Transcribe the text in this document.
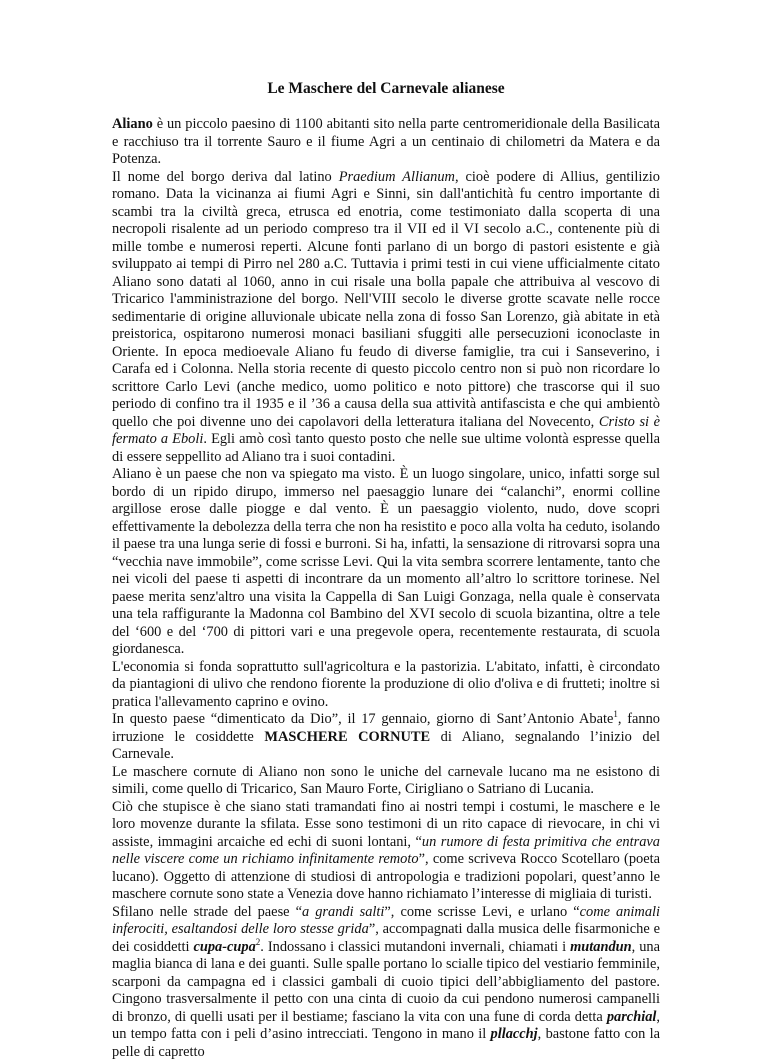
Le Maschere del Carnevale alianese

Aliano è un piccolo paesino di 1100 abitanti sito nella parte centromeridionale della Basilicata e racchiuso tra il torrente Sauro e il fiume Agri a un centinaio di chilometri da Matera e da Potenza.

Il nome del borgo deriva dal latino Praedium Allianum, cioè podere di Allius, gentilizio romano. Data la vicinanza ai fiumi Agri e Sinni, sin dall'antichità fu centro importante di scambi tra la civiltà greca, etrusca ed enotria, come testimoniato dalla scoperta di una necropoli risalente ad un periodo compreso tra il VII ed il VI secolo a.C., contenente più di mille tombe e numerosi reperti. Alcune fonti parlano di un borgo di pastori esistente e già sviluppato ai tempi di Pirro nel 280 a.C. Tuttavia i primi testi in cui viene ufficialmente citato Aliano sono datati al 1060, anno in cui risale una bolla papale che attribuiva al vescovo di Tricarico l'amministrazione del borgo. Nell'VIII secolo le diverse grotte scavate nelle rocce sedimentarie di origine alluvionale ubicate nella zona di fosso San Lorenzo, già abitate in età preistorica, ospitarono numerosi monaci basiliani sfuggiti alle persecuzioni iconoclaste in Oriente. In epoca medioevale Aliano fu feudo di diverse famiglie, tra cui i Sanseverino, i Carafa ed i Colonna. Nella storia recente di questo piccolo centro non si può non ricordare lo scrittore Carlo Levi (anche medico, uomo politico e noto pittore) che trascorse qui il suo periodo di confino tra il 1935 e il ’36 a causa della sua attività antifascista e che qui ambientò quello che poi divenne uno dei capolavori della letteratura italiana del Novecento, Cristo si è fermato a Eboli. Egli amò così tanto questo posto che nelle sue ultime volontà espresse quella di essere seppellito ad Aliano tra i suoi contadini.

Aliano è un paese che non va spiegato ma visto. È un luogo singolare, unico, infatti sorge sul bordo di un ripido dirupo, immerso nel paesaggio lunare dei “calanchi”, enormi colline argillose erose dalle piogge e dal vento. È un paesaggio violento, nudo, dove scopri effettivamente la debolezza della terra che non ha resistito e poco alla volta ha ceduto, isolando il paese tra una lunga serie di fossi e burroni. Si ha, infatti, la sensazione di ritrovarsi sopra una “vecchia nave immobile”, come scrisse Levi. Qui la vita sembra scorrere lentamente, tanto che nei vicoli del paese ti aspetti di incontrare da un momento all’altro lo scrittore torinese. Nel paese merita senz'altro una visita la Cappella di San Luigi Gonzaga, nella quale è conservata una tela raffigurante la Madonna col Bambino del XVI secolo di scuola bizantina, oltre a tele del ‘600 e del ‘700 di pittori vari e una pregevole opera, recentemente restaurata, di scuola giordanesca.

L'economia si fonda soprattutto sull'agricoltura e la pastorizia. L'abitato, infatti, è circondato da piantagioni di ulivo che rendono fiorente la produzione di olio d'oliva e di frutteti; inoltre si pratica l'allevamento caprino e ovino.

In questo paese “dimenticato da Dio”, il 17 gennaio, giorno di Sant’Antonio Abate$^1$, fanno irruzione le cosiddette MASCHERE CORNUTE di Aliano, segnalando l’inizio del Carnevale.

Le maschere cornute di Aliano non sono le uniche del carnevale lucano ma ne esistono di simili, come quello di Tricarico, San Mauro Forte, Cirigliano o Satriano di Lucania.

Ciò che stupisce è che siano stati tramandati fino ai nostri tempi i costumi, le maschere e le loro movenze durante la sfilata. Esse sono testimoni di un rito capace di rievocare, in chi vi assiste, immagini arcaiche ed echi di suoni lontani, “un rumore di festa primitiva che entrava nelle viscere come un richiamo infinitamente remoto”, come scriveva Rocco Scotellaro (poeta lucano). Oggetto di attenzione di studiosi di antropologia e tradizioni popolari, quest’anno le maschere cornute sono state a Venezia dove hanno richiamato l’interesse di migliaia di turisti.

Sfilano nelle strade del paese “a grandi salti”, come scrisse Levi, e urlano “come animali inferociti, esaltandosi delle loro stesse grida”, accompagnati dalla musica delle fisarmoniche e dei cosiddetti cupa-cupa$^2$. Indossano i classici mutandoni invernali, chiamati i mutandun, una maglia bianca di lana e dei guanti. Sulle spalle portano lo scialle tipico del vestiario femminile, scarponi da campagna ed i classici gambali di cuoio tipici dell’abbigliamento del pastore. Cingono trasversalmente il petto con una cinta di cuoio da cui pendono numerosi campanelli di bronzo, di quelli usati per il bestiame; fasciano la vita con una fune di corda detta parchial, un tempo fatta con i peli d’asino intrecciati. Tengono in mano il pllacchj, bastone fatto con la pelle di capretto
